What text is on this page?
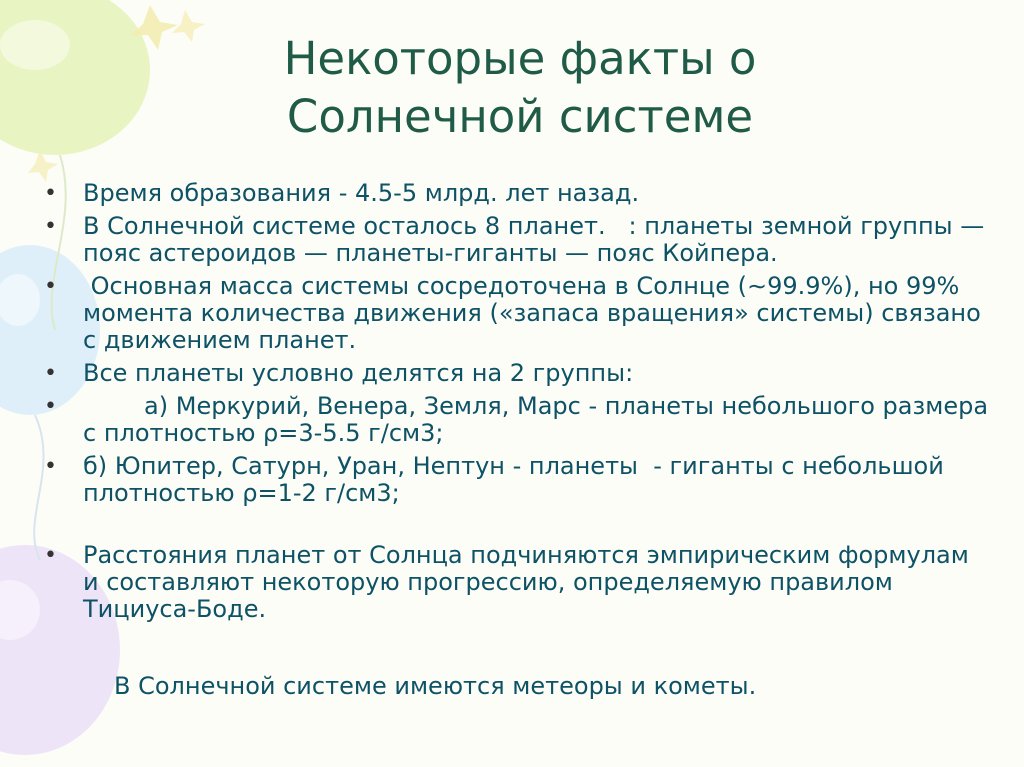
Некоторые факты о
Солнечной системе
• Время образования - 4.5-5 млрд. лет назад.
• В Солнечной системе осталось 8 планет.   : планеты земной группы — пояс астероидов — планеты-гиганты — пояс Койпера.
• Основная масса системы сосредоточена в Солнце (∼99.9%), но 99% момента количества движения («запаса вращения» системы) связано с движением планет.
• Все планеты условно делятся на 2 группы:
• а) Меркурий, Венера, Земля, Марс - планеты небольшого размера с плотностью ρ=3-5.5 г/см3;
• б) Юпитер, Сатурн, Уран, Нептун - планеты  - гиганты с небольшой плотностью ρ=1-2 г/см3;
• Расстояния планет от Солнца подчиняются эмпирическим формулам и составляют некоторую прогрессию, определяемую правилом Тициуса-Боде.

В Солнечной системе имеются метеоры и кометы.
